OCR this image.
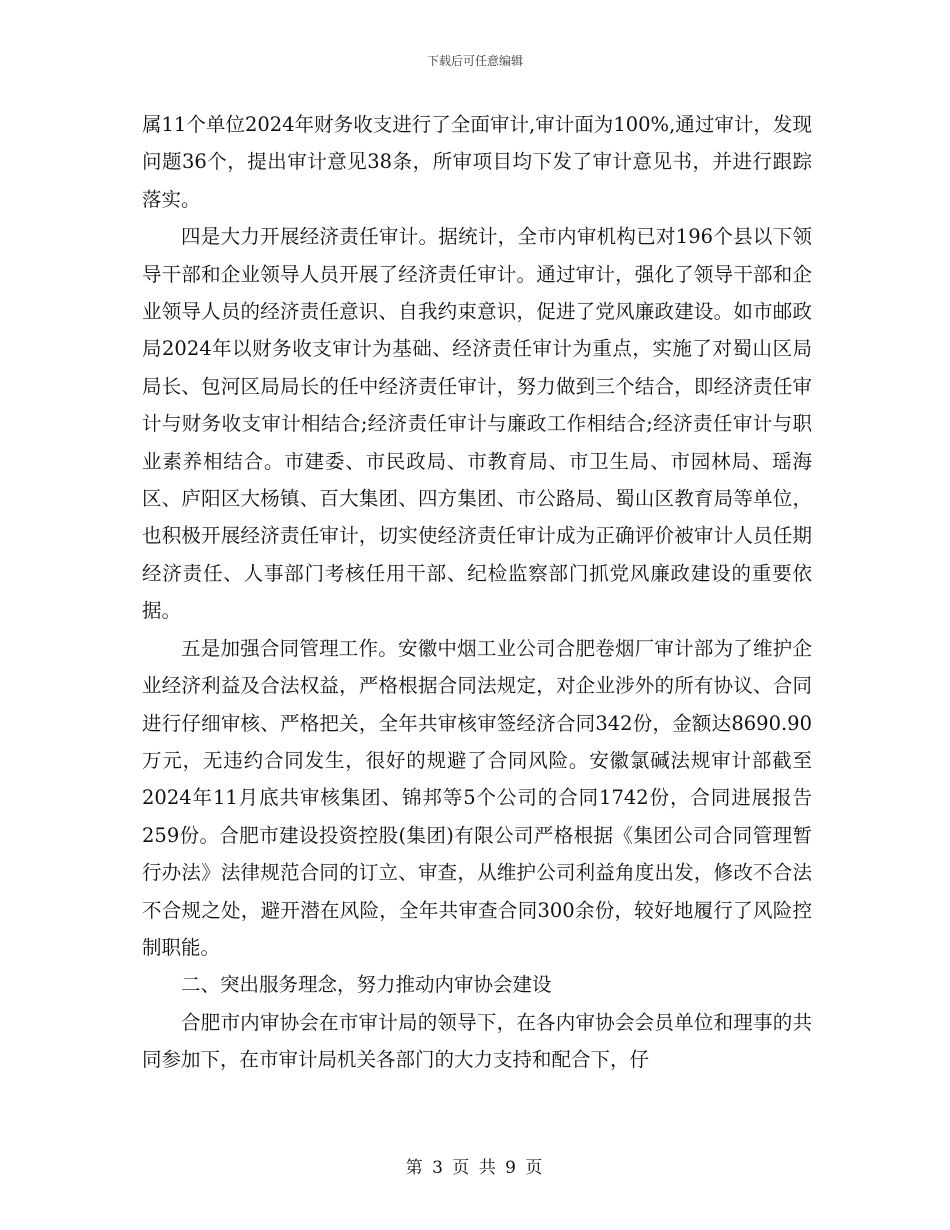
下载后可任意编辑

属11个单位2024年财务收支进行了全面审计,审计面为100%,通过审计，发现问题36个，提出审计意见38条，所审项目均下发了审计意见书，并进行跟踪落实。

四是大力开展经济责任审计。据统计，全市内审机构已对196个县以下领导干部和企业领导人员开展了经济责任审计。通过审计，强化了领导干部和企业领导人员的经济责任意识、自我约束意识，促进了党风廉政建设。如市邮政局2024年以财务收支审计为基础、经济责任审计为重点，实施了对蜀山区局局长、包河区局局长的任中经济责任审计，努力做到三个结合，即经济责任审计与财务收支审计相结合;经济责任审计与廉政工作相结合;经济责任审计与职业素养相结合。市建委、市民政局、市教育局、市卫生局、市园林局、瑶海区、庐阳区大杨镇、百大集团、四方集团、市公路局、蜀山区教育局等单位，也积极开展经济责任审计，切实使经济责任审计成为正确评价被审计人员任期经济责任、人事部门考核任用干部、纪检监察部门抓党风廉政建设的重要依据。

五是加强合同管理工作。安徽中烟工业公司合肥卷烟厂审计部为了维护企业经济利益及合法权益，严格根据合同法规定，对企业涉外的所有协议、合同进行仔细审核、严格把关，全年共审核审签经济合同342份，金额达8690.90万元，无违约合同发生，很好的规避了合同风险。安徽氯碱法规审计部截至2024年11月底共审核集团、锦邦等5个公司的合同1742份，合同进展报告259份。合肥市建设投资控股(集团)有限公司严格根据《集团公司合同管理暂行办法》法律规范合同的订立、审查，从维护公司利益角度出发，修改不合法不合规之处，避开潜在风险，全年共审查合同300余份，较好地履行了风险控制职能。

二、突出服务理念，努力推动内审协会建设

合肥市内审协会在市审计局的领导下，在各内审协会会员单位和理事的共同参加下，在市审计局机关各部门的大力支持和配合下，仔

第 3 页 共 9 页
